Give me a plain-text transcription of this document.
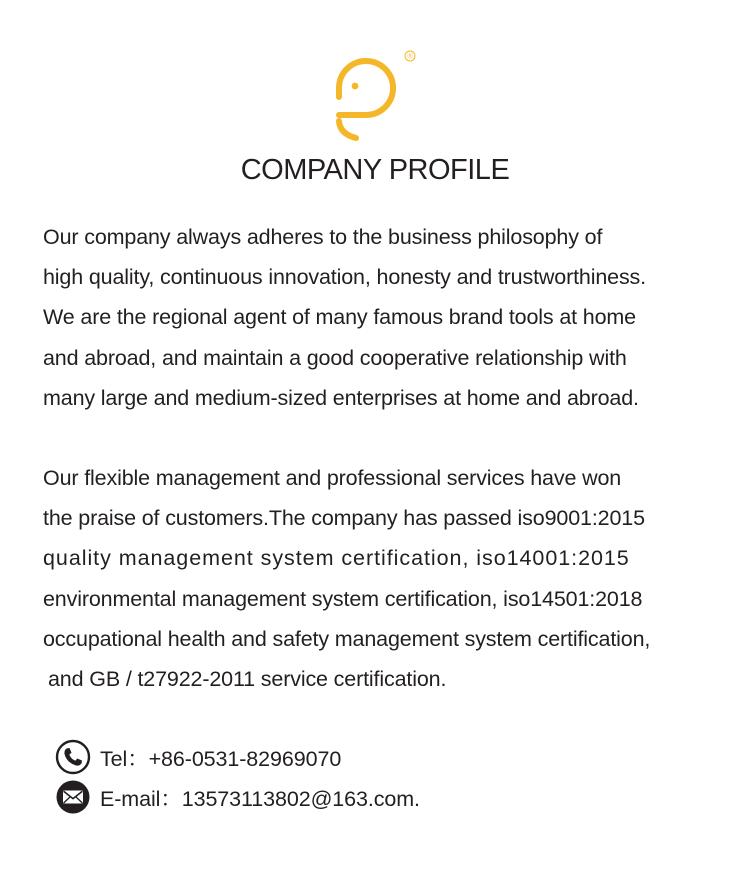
®
COMPANY PROFILE
Our company always adheres to the business philosophy of
high quality, continuous innovation, honesty and trustworthiness.
We are the regional agent of many famous brand tools at home
and abroad, and maintain a good cooperative relationship with
many large and medium-sized enterprises at home and abroad.
Our flexible management and professional services have won
the praise of customers.The company has passed iso9001:2015
quality management system certification, iso14001:2015
environmental management system certification, iso14501:2018
occupational health and safety management system certification,
and GB / t27922-2011 service certification.
Tel：+86-0531-82969070
E-mail：13573113802@163.com.
